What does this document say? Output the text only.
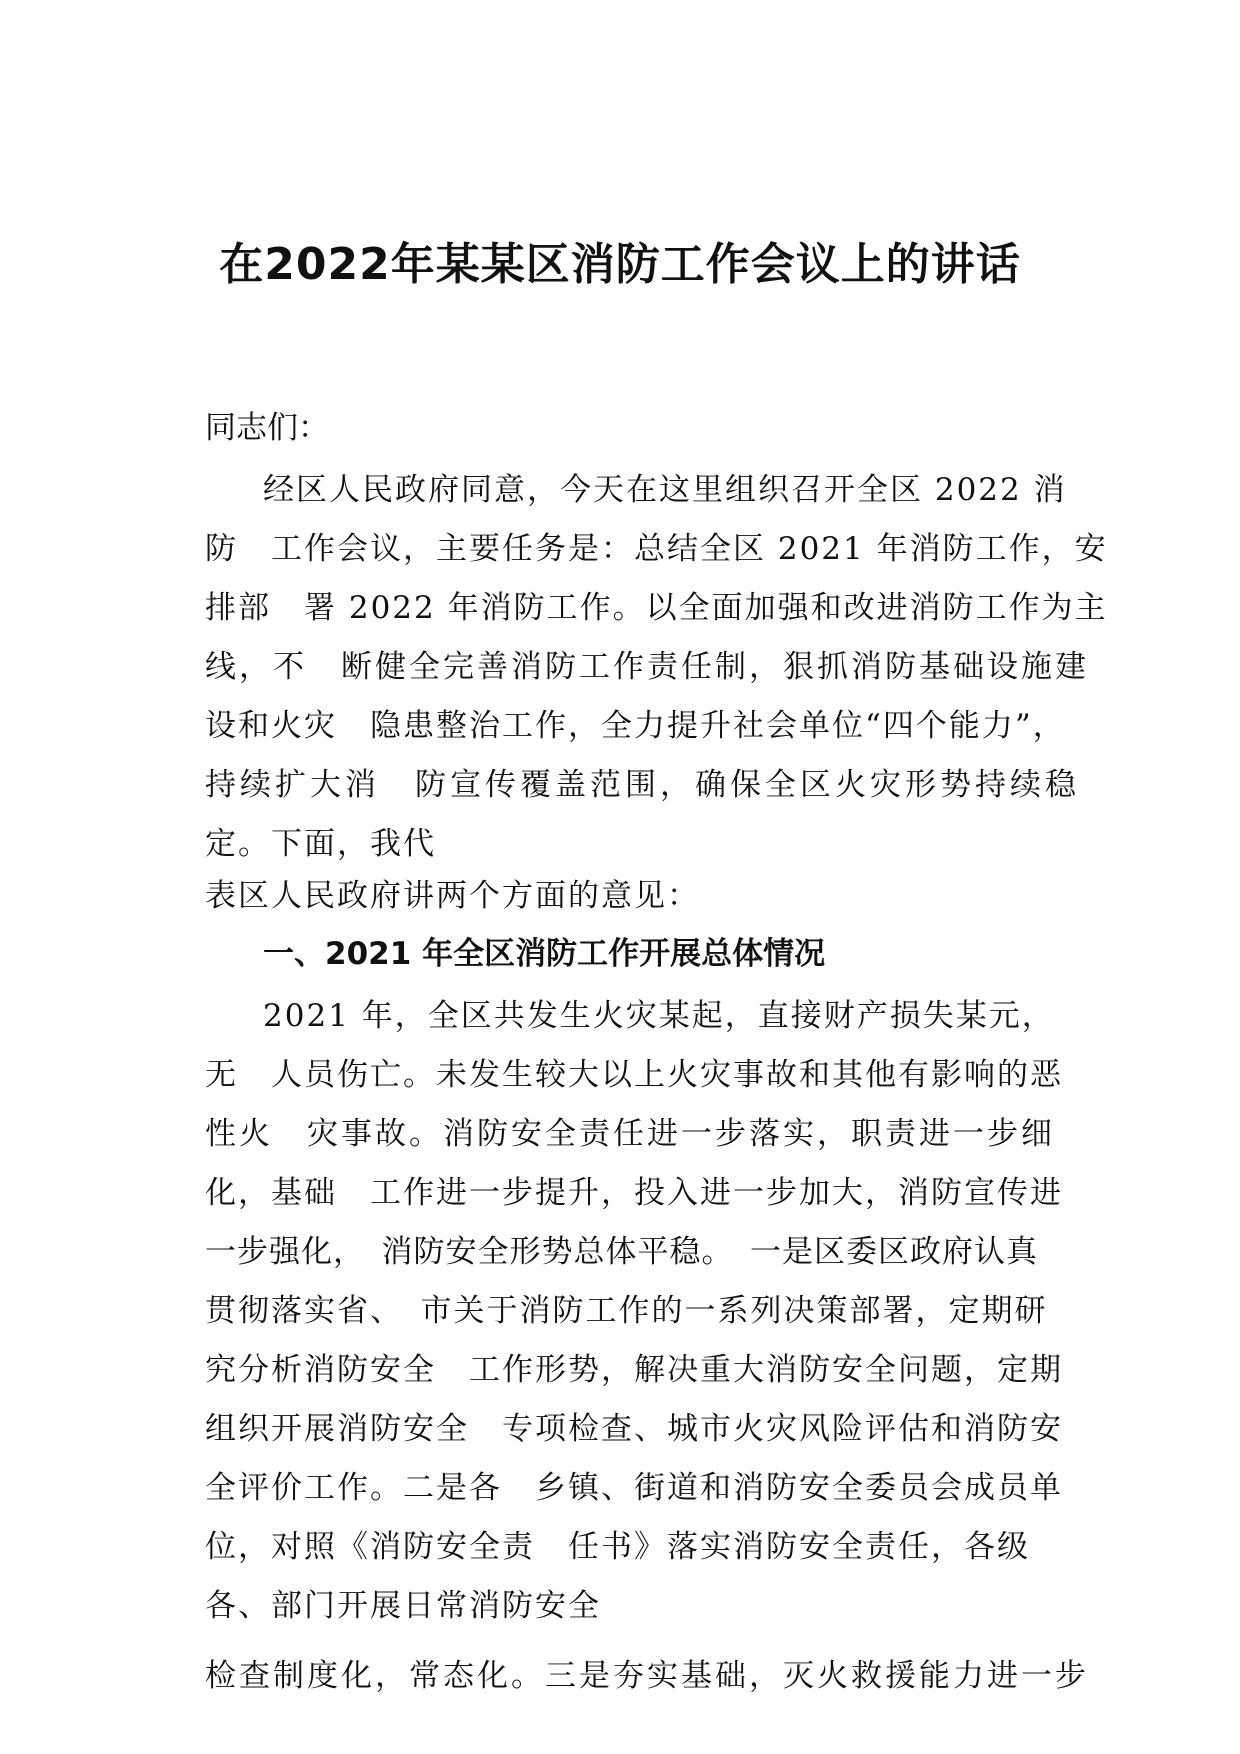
在2022年某某区消防工作会议上的讲话
同志们：
经区人民政府同意，今天在这里组织召开全区 2022 消
防　工作会议，主要任务是：总结全区 2021 年消防工作，安
排部　署 2022 年消防工作。以全面加强和改进消防工作为主
线，不　断健全完善消防工作责任制，狠抓消防基础设施建
设和火灾　隐患整治工作，全力提升社会单位“四个能力”，
持续扩大消　防宣传覆盖范围，确保全区火灾形势持续稳
定。下面，我代
表区人民政府讲两个方面的意见：
一、2021 年全区消防工作开展总体情况
2021 年，全区共发生火灾某起，直接财产损失某元，
无　人员伤亡。未发生较大以上火灾事故和其他有影响的恶
性火　灾事故。消防安全责任进一步落实，职责进一步细
化，基础　工作进一步提升，投入进一步加大，消防宣传进
一步强化，　消防安全形势总体平稳。　一是区委区政府认真
贯彻落实省、　市关于消防工作的一系列决策部署，定期研
究分析消防安全　工作形势，解决重大消防安全问题，定期
组织开展消防安全　专项检查、城市火灾风险评估和消防安
全评价工作。二是各　乡镇、街道和消防安全委员会成员单
位，对照《消防安全责　任书》落实消防安全责任，各级
各、部门开展日常消防安全
检查制度化，常态化。三是夯实基础，灭火救援能力进一步
